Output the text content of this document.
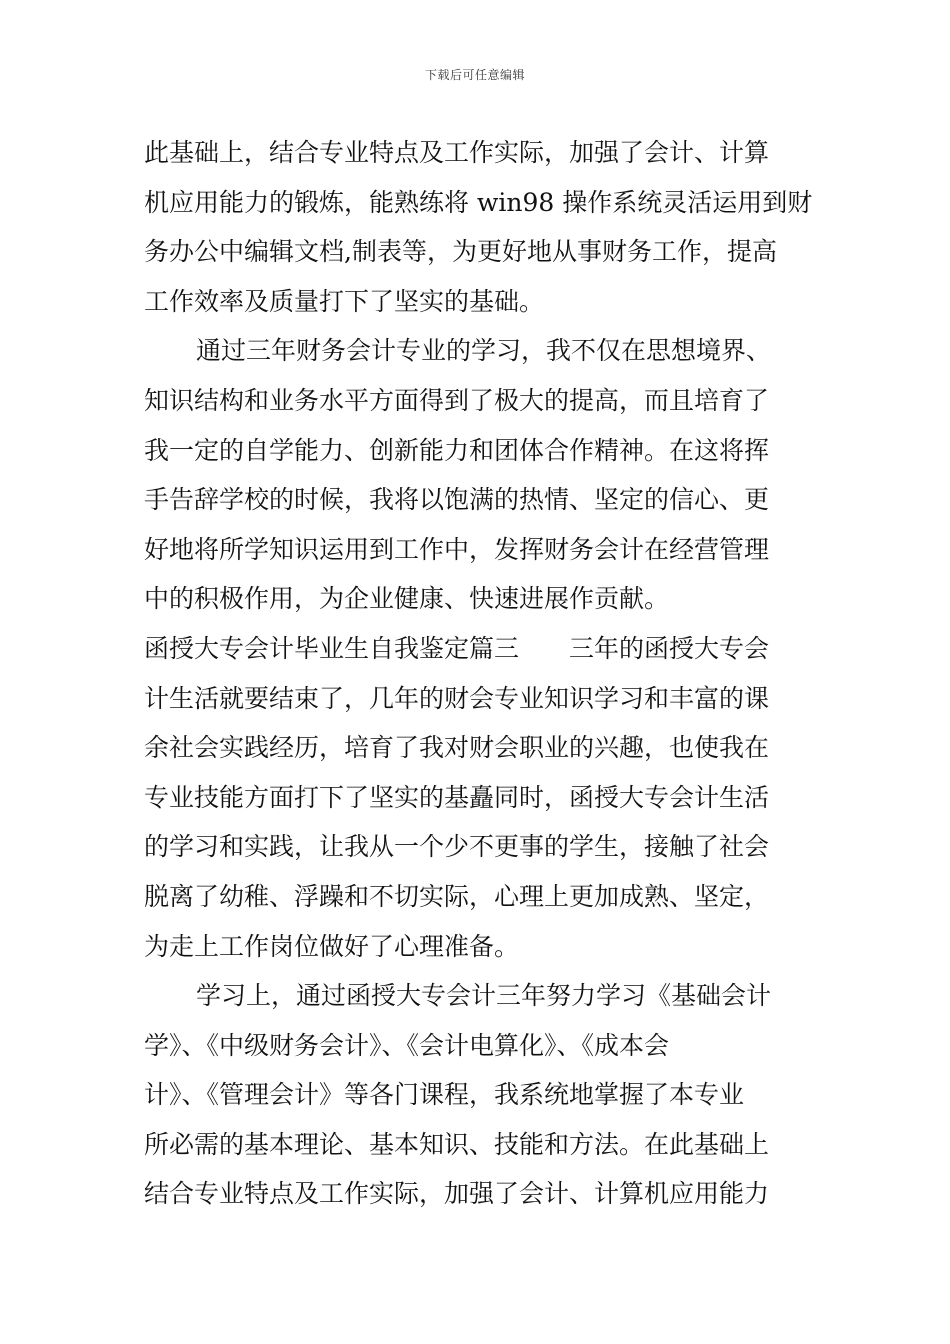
下载后可任意编辑
此基础上，结合专业特点及工作实际，加强了会计、计算
机应用能力的锻炼，能熟练将 win98 操作系统灵活运用到财
务办公中编辑文档,制表等，为更好地从事财务工作，提高
工作效率及质量打下了坚实的基础。
通过三年财务会计专业的学习，我不仅在思想境界、
知识结构和业务水平方面得到了极大的提高，而且培育了
我一定的自学能力、创新能力和团体合作精神。在这将挥
手告辞学校的时候，我将以饱满的热情、坚定的信心、更
好地将所学知识运用到工作中，发挥财务会计在经营管理
中的积极作用，为企业健康、快速进展作贡献。
函授大专会计毕业生自我鉴定篇三　　三年的函授大专会
计生活就要结束了，几年的财会专业知识学习和丰富的课
余社会实践经历，培育了我对财会职业的兴趣，也使我在
专业技能方面打下了坚实的基矗同时，函授大专会计生活
的学习和实践，让我从一个少不更事的学生，接触了社会
脱离了幼稚、浮躁和不切实际，心理上更加成熟、坚定，
为走上工作岗位做好了心理准备。
学习上，通过函授大专会计三年努力学习《基础会计
学》、《中级财务会计》、《会计电算化》、《成本会
计》、《管理会计》等各门课程，我系统地掌握了本专业
所必需的基本理论、基本知识、技能和方法。在此基础上
结合专业特点及工作实际，加强了会计、计算机应用能力
